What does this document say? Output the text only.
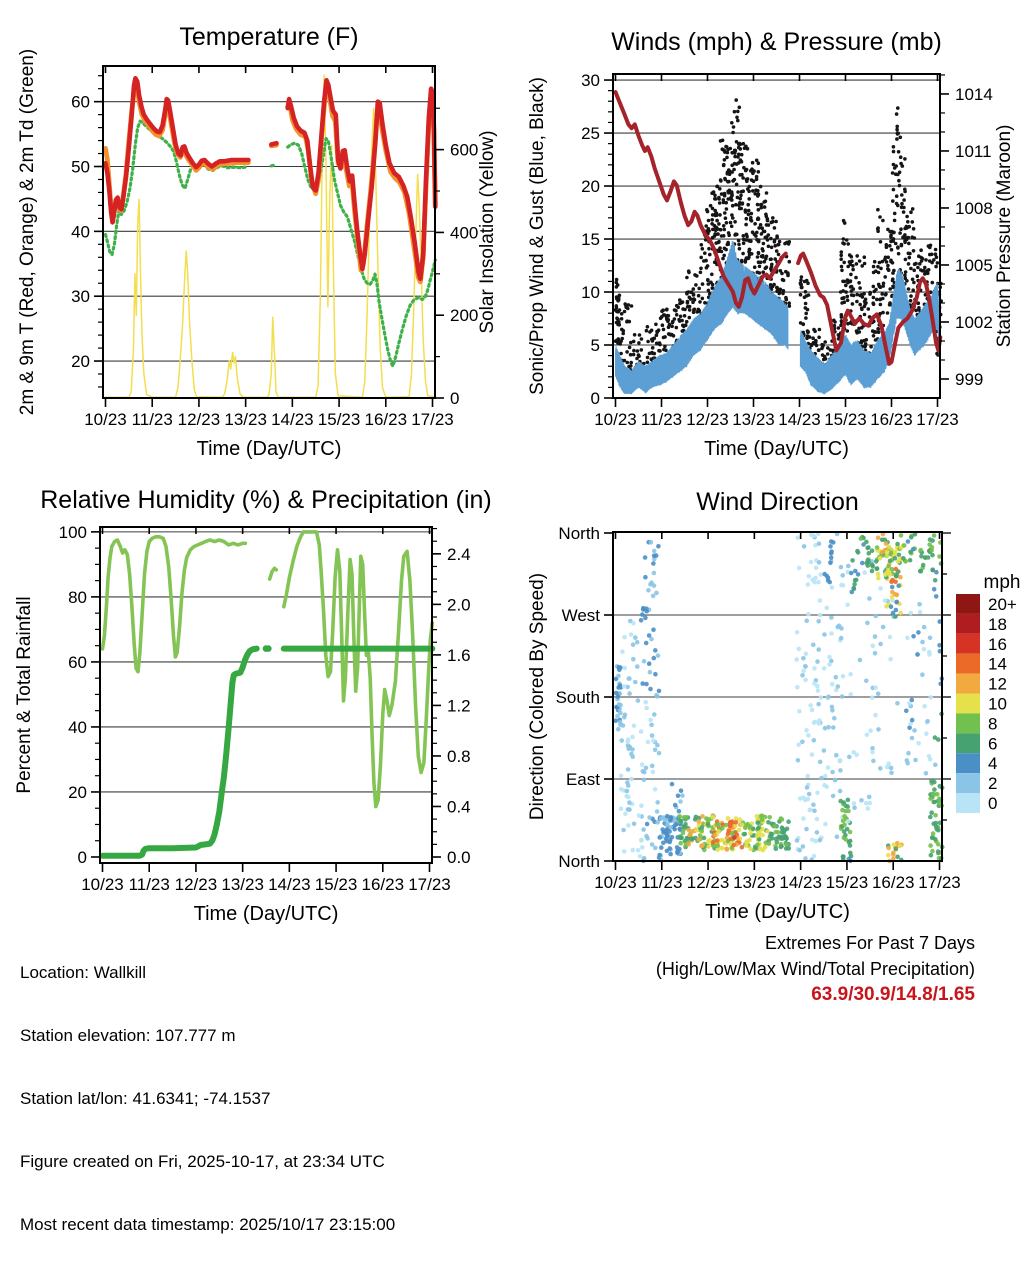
10/23 11/23 12/23 13/23 14/23 15/23 16/23 17/23
20
30
40
50
60
0
200
400
600
Temperature (F)
Time (Day/UTC)
2m & 9m T (Red, Orange) & 2m Td (Green)	Solar Insolation (Yellow)
10/23 11/23 12/23 13/23 14/23 15/23 16/23 17/23
0
5
10
15
20
25
30
999
1002
1005
1008
1011
1014
Winds (mph) & Pressure (mb)
Time (Day/UTC)
Sonic/Prop Wind & Gust (Blue, Black)	Station Pressure (Maroon)
10/23 11/23 12/23 13/23 14/23 15/23 16/23 17/23
0
20
40
60
80
100
0.0
0.4
0.8
1.2
1.6
2.0
2.4
Relative Humidity (%) & Precipitation (in)
Time (Day/UTC)
Percent & Total Rainfall
10/23 11/23 12/23 13/23 14/23 15/23 16/23 17/23
North
West
South
East
North
Wind Direction
Time (Day/UTC)
Direction (Colored By Speed)	mph
20+
18
16
14
12
10
8
6
4
2
0

Location: Wallkill

Station elevation: 107.777 m

Station lat/lon: 41.6341; -74.1537

Figure created on Fri, 2025-10-17, at 23:34 UTC

Most recent data timestamp: 2025/10/17 23:15:00

Extremes For Past 7 Days
(High/Low/Max Wind/Total Precipitation)
63.9/30.9/14.8/1.65
